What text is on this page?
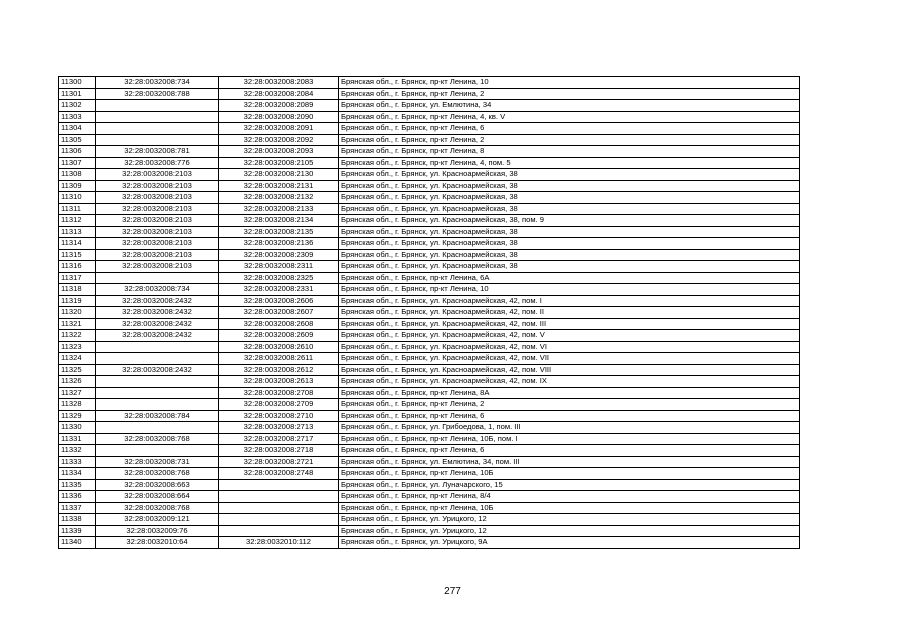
11300	32:28:0032008:734	32:28:0032008:2083	Брянская обл., г. Брянск, пр-кт Ленина, 10
11301	32:28:0032008:788	32:28:0032008:2084	Брянская обл., г. Брянск, пр-кт Ленина, 2
11302		32:28:0032008:2089	Брянская обл., г. Брянск, ул. Емлютина, 34
11303		32:28:0032008:2090	Брянская обл., г. Брянск, пр-кт Ленина, 4, кв. V
11304		32:28:0032008:2091	Брянская обл., г. Брянск, пр-кт Ленина, 6
11305		32:28:0032008:2092	Брянская обл., г. Брянск, пр-кт Ленина, 2
11306	32:28:0032008:781	32:28:0032008:2093	Брянская обл., г. Брянск, пр-кт Ленина, 8
11307	32:28:0032008:776	32:28:0032008:2105	Брянская обл., г. Брянск, пр-кт Ленина, 4, пом. 5
11308	32:28:0032008:2103	32:28:0032008:2130	Брянская обл., г. Брянск, ул. Красноармейская, 38
11309	32:28:0032008:2103	32:28:0032008:2131	Брянская обл., г. Брянск, ул. Красноармейская, 38
11310	32:28:0032008:2103	32:28:0032008:2132	Брянская обл., г. Брянск, ул. Красноармейская, 38
11311	32:28:0032008:2103	32:28:0032008:2133	Брянская обл., г. Брянск, ул. Красноармейская, 38
11312	32:28:0032008:2103	32:28:0032008:2134	Брянская обл., г. Брянск, ул. Красноармейская, 38, пом. 9
11313	32:28:0032008:2103	32:28:0032008:2135	Брянская обл., г. Брянск, ул. Красноармейская, 38
11314	32:28:0032008:2103	32:28:0032008:2136	Брянская обл., г. Брянск, ул. Красноармейская, 38
11315	32:28:0032008:2103	32:28:0032008:2309	Брянская обл., г. Брянск, ул. Красноармейская, 38
11316	32:28:0032008:2103	32:28:0032008:2311	Брянская обл., г. Брянск, ул. Красноармейская, 38
11317		32:28:0032008:2325	Брянская обл., г. Брянск, пр-кт Ленина, 6А
11318	32:28:0032008:734	32:28:0032008:2331	Брянская обл., г. Брянск, пр-кт Ленина, 10
11319	32:28:0032008:2432	32:28:0032008:2606	Брянская обл., г. Брянск, ул. Красноармейская, 42, пом. I
11320	32:28:0032008:2432	32:28:0032008:2607	Брянская обл., г. Брянск, ул. Красноармейская, 42, пом. II
11321	32:28:0032008:2432	32:28:0032008:2608	Брянская обл., г. Брянск, ул. Красноармейская, 42, пом. III
11322	32:28:0032008:2432	32:28:0032008:2609	Брянская обл., г. Брянск, ул. Красноармейская, 42, пом. V
11323		32:28:0032008:2610	Брянская обл., г. Брянск, ул. Красноармейская, 42, пом. VI
11324		32:28:0032008:2611	Брянская обл., г. Брянск, ул. Красноармейская, 42, пом. VII
11325	32:28:0032008:2432	32:28:0032008:2612	Брянская обл., г. Брянск, ул. Красноармейская, 42, пом. VIII
11326		32:28:0032008:2613	Брянская обл., г. Брянск, ул. Красноармейская, 42, пом. IX
11327		32:28:0032008:2708	Брянская обл., г. Брянск, пр-кт Ленина, 8А
11328		32:28:0032008:2709	Брянская обл., г. Брянск, пр-кт Ленина, 2
11329	32:28:0032008:784	32:28:0032008:2710	Брянская обл., г. Брянск, пр-кт Ленина, 6
11330		32:28:0032008:2713	Брянская обл., г. Брянск, ул. Грибоедова, 1, пом. III
11331	32:28:0032008:768	32:28:0032008:2717	Брянская обл., г. Брянск, пр-кт Ленина, 10Б, пом. I
11332		32:28:0032008:2718	Брянская обл., г. Брянск, пр-кт Ленина, 6
11333	32:28:0032008:731	32:28:0032008:2721	Брянская обл., г. Брянск, ул. Емлютина, 34, пом. III
11334	32:28:0032008:768	32:28:0032008:2748	Брянская обл., г. Брянск, пр-кт Ленина, 10Б
11335	32:28:0032008:663		Брянская обл., г. Брянск, ул. Луначарского, 15
11336	32:28:0032008:664		Брянская обл., г. Брянск, пр-кт Ленина, 8/4
11337	32:28:0032008:768		Брянская обл., г. Брянск, пр-кт Ленина, 10Б
11338	32:28:0032009:121		Брянская обл., г. Брянск, ул. Урицкого, 12
11339	32:28:0032009:76		Брянская обл., г. Брянск, ул. Урицкого, 12
11340	32:28:0032010:64	32:28:0032010:112	Брянская обл., г. Брянск, ул. Урицкого, 9А
277
